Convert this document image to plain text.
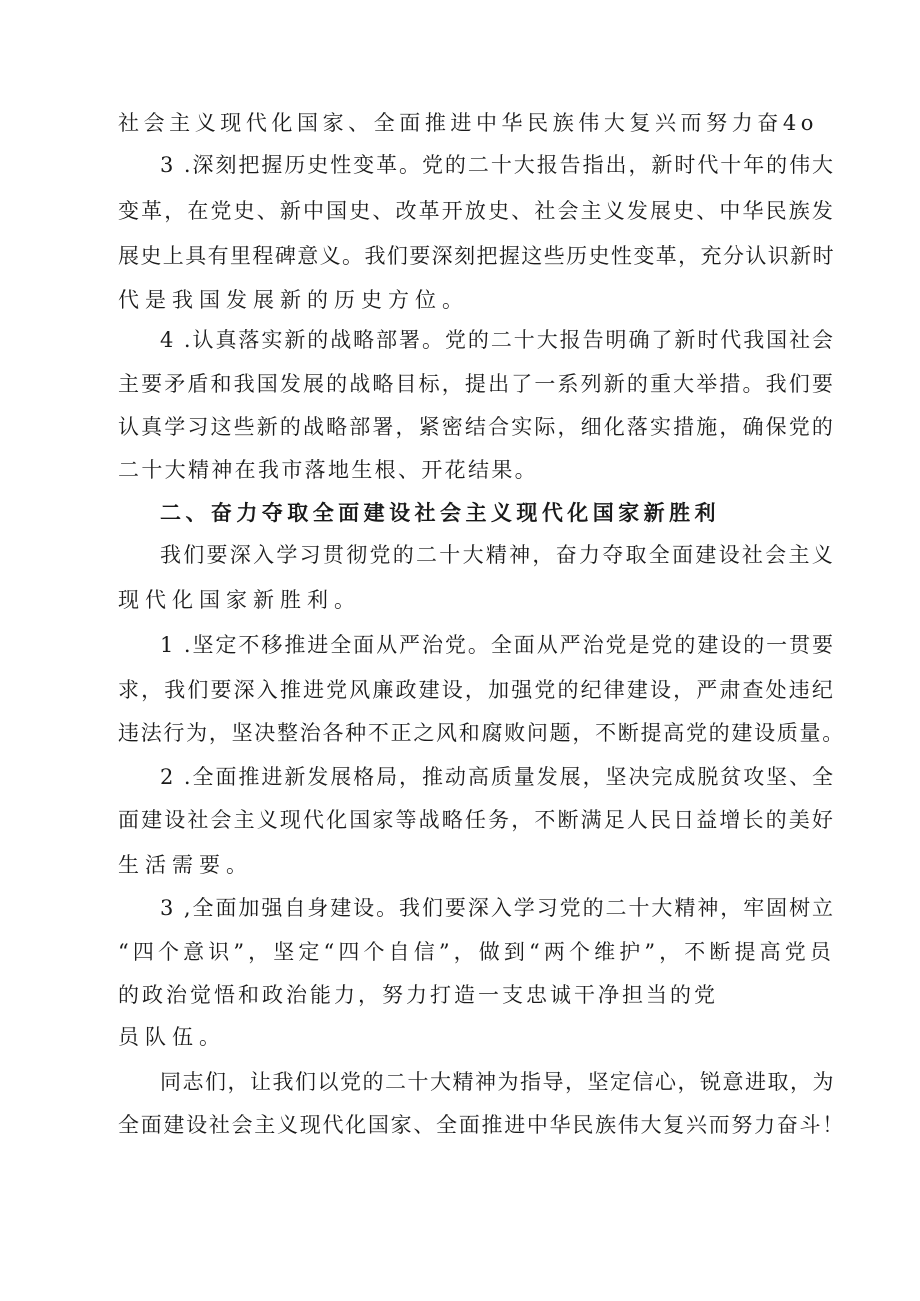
社会主义现代化国家、全面推进中华民族伟大复兴而努力奋4o
3 .深刻把握历史性变革。党的二十大报告指出，新时代十年的伟大
变革，在党史、新中国史、改革开放史、社会主义发展史、中华民族发
展史上具有里程碑意义。我们要深刻把握这些历史性变革，充分认识新时
代是我国发展新的历史方位。
4 .认真落实新的战略部署。党的二十大报告明确了新时代我国社会
主要矛盾和我国发展的战略目标，提出了一系列新的重大举措。我们要
认真学习这些新的战略部署，紧密结合实际，细化落实措施，确保党的
二十大精神在我市落地生根、开花结果。
二、奋力夺取全面建设社会主义现代化国家新胜利
我们要深入学习贯彻党的二十大精神，奋力夺取全面建设社会主义
现代化国家新胜利。
1 .坚定不移推进全面从严治党。全面从严治党是党的建设的一贯要
求，我们要深入推进党风廉政建设，加强党的纪律建设，严肃查处违纪
违法行为，坚决整治各种不正之风和腐败问题，不断提高党的建设质量。
2 .全面推进新发展格局，推动高质量发展，坚决完成脱贫攻坚、全
面建设社会主义现代化国家等战略任务，不断满足人民日益增长的美好
生活需要。
3 ,全面加强自身建设。我们要深入学习党的二十大精神，牢固树立
“四个意识”，坚定“四个自信”，做到“两个维护”，不断提高党员
的政治觉悟和政治能力，努力打造一支忠诚干净担当的党
员队伍。
同志们，让我们以党的二十大精神为指导，坚定信心，锐意进取，为
全面建设社会主义现代化国家、全面推进中华民族伟大复兴而努力奋斗！
